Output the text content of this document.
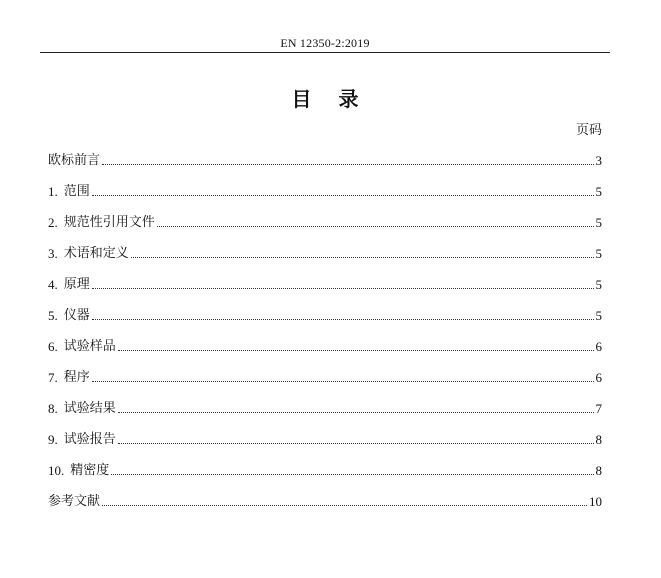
EN 12350-2:2019
目 录
页码
欧标前言	3
1. 范围	5
2. 规范性引用文件	5
3. 术语和定义	5
4. 原理	5
5. 仪器	5
6. 试验样品	6
7. 程序	6
8. 试验结果	7
9. 试验报告	8
10. 精密度	8
参考文献	10
